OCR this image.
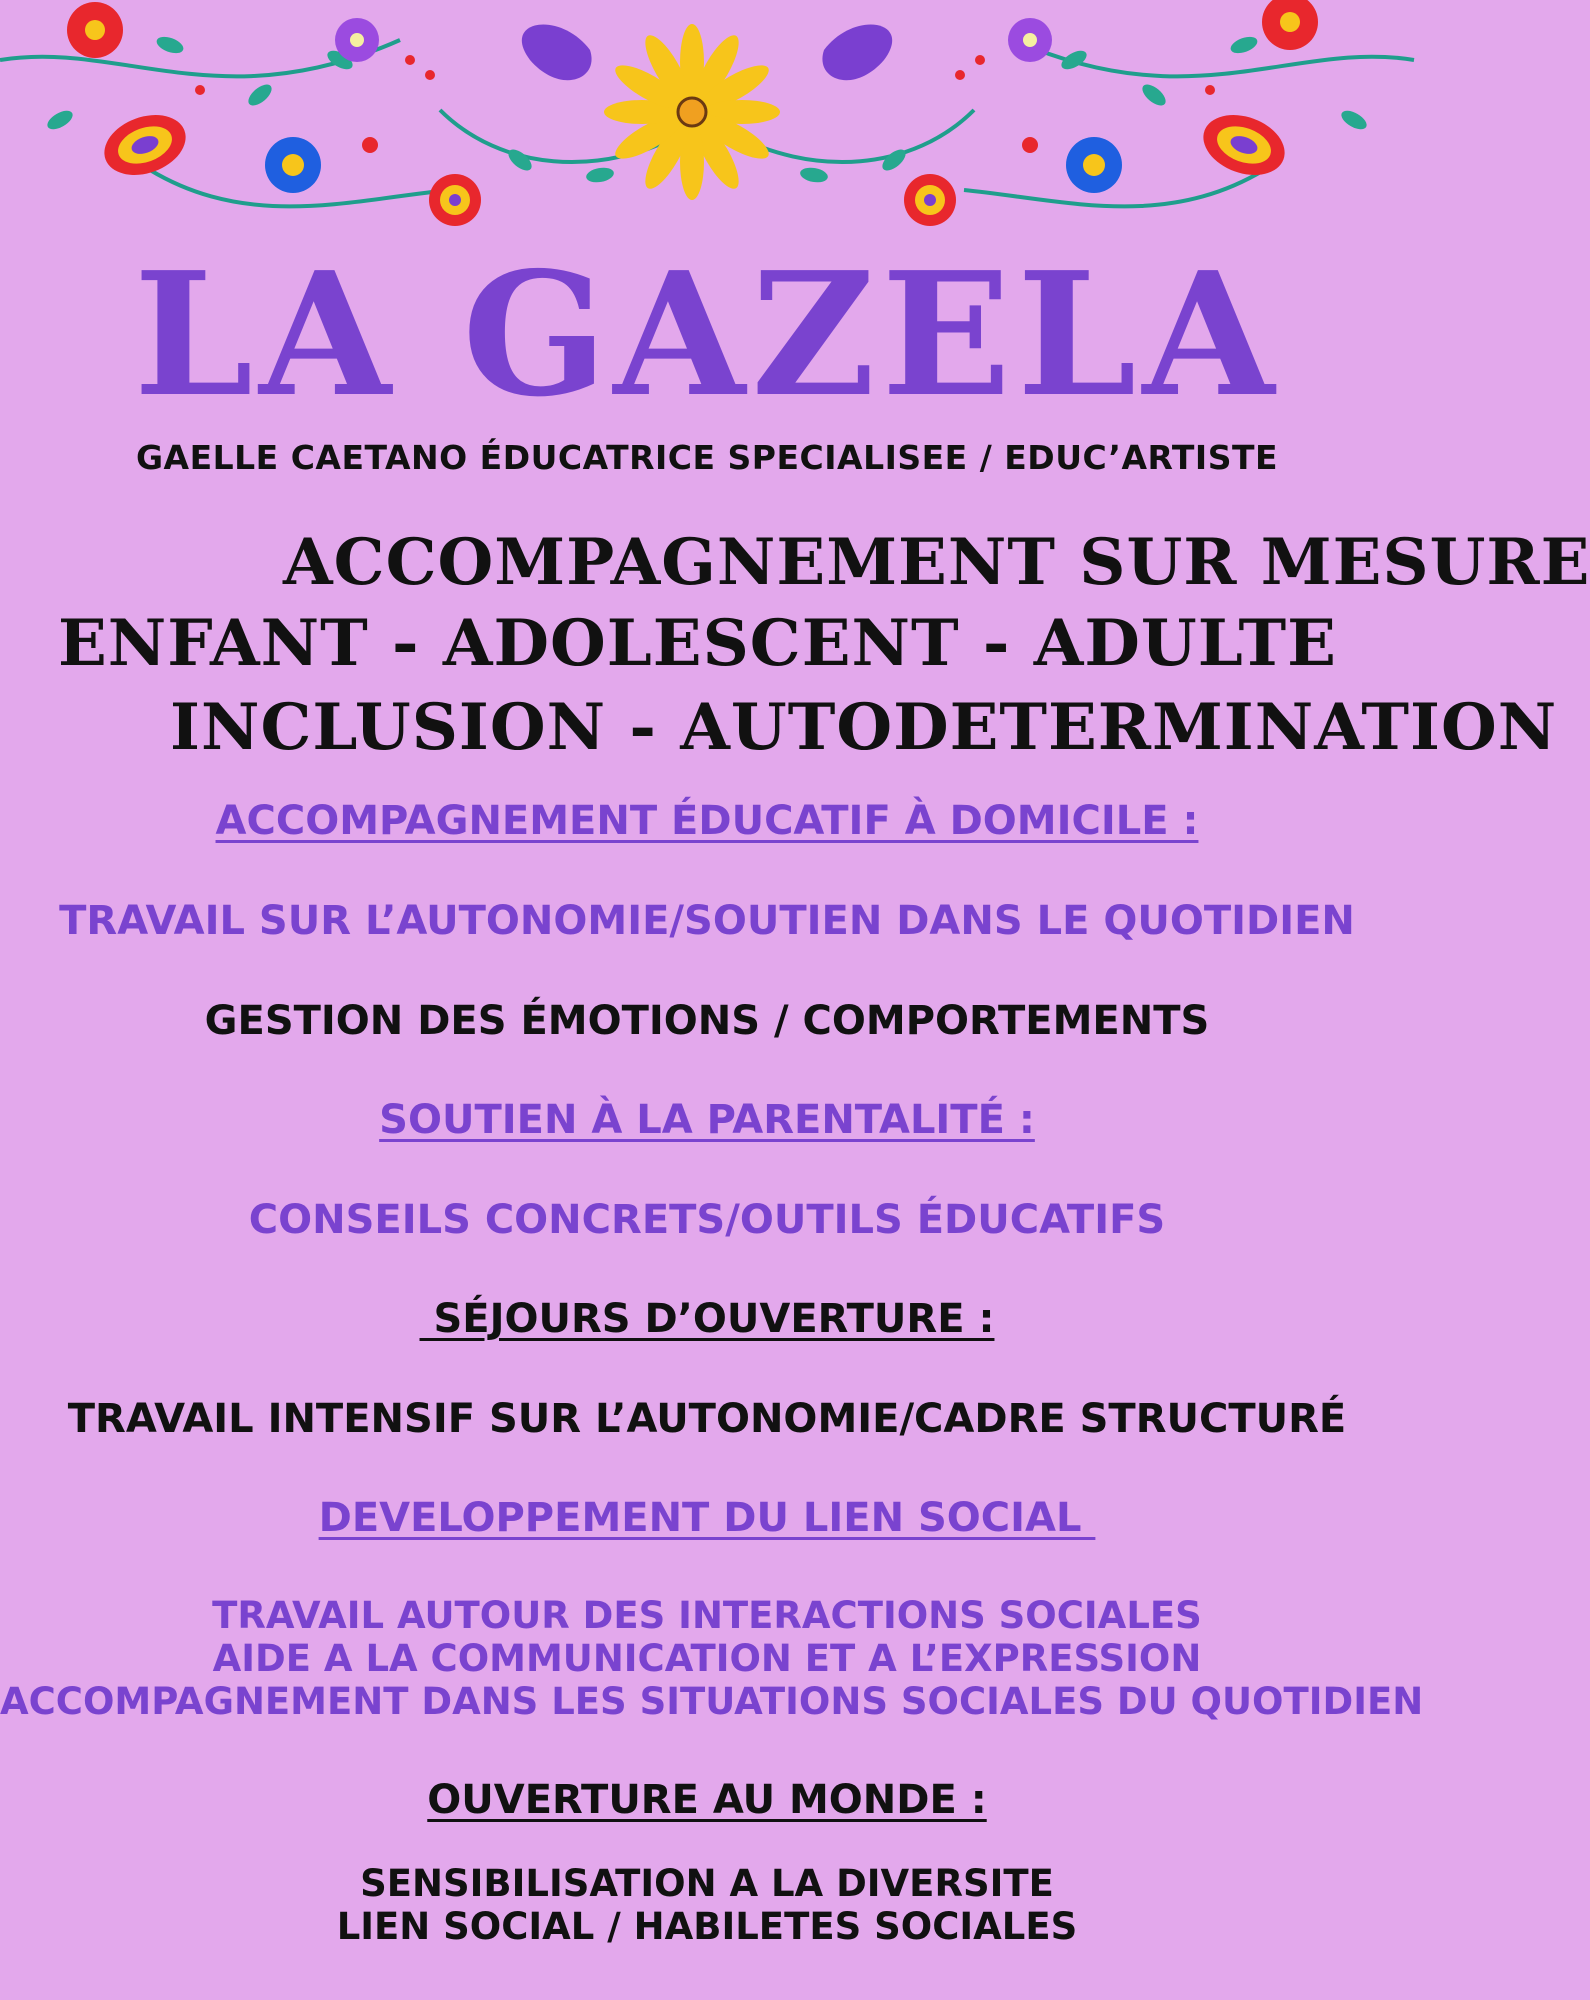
LA GAZELA
GAELLE CAETANO ÉDUCATRICE SPECIALISEE / EDUC’ARTISTE
ACCOMPAGNEMENT SUR MESURE
ENFANT - ADOLESCENT - ADULTE
INCLUSION - AUTODETERMINATION
ACCOMPAGNEMENT ÉDUCATIF À DOMICILE :
TRAVAIL SUR L’AUTONOMIE/SOUTIEN DANS LE QUOTIDIEN
GESTION DES ÉMOTIONS / COMPORTEMENTS
SOUTIEN À LA PARENTALITÉ :
CONSEILS CONCRETS/OUTILS ÉDUCATIFS
SÉJOURS D’OUVERTURE :
TRAVAIL INTENSIF SUR L’AUTONOMIE/CADRE STRUCTURÉ
DEVELOPPEMENT DU LIEN SOCIAL
TRAVAIL AUTOUR DES INTERACTIONS SOCIALES
AIDE A LA COMMUNICATION ET A L’EXPRESSION
ACCOMPAGNEMENT DANS LES SITUATIONS SOCIALES DU QUOTIDIEN
OUVERTURE AU MONDE :
SENSIBILISATION A LA DIVERSITE
LIEN SOCIAL / HABILETES SOCIALES
